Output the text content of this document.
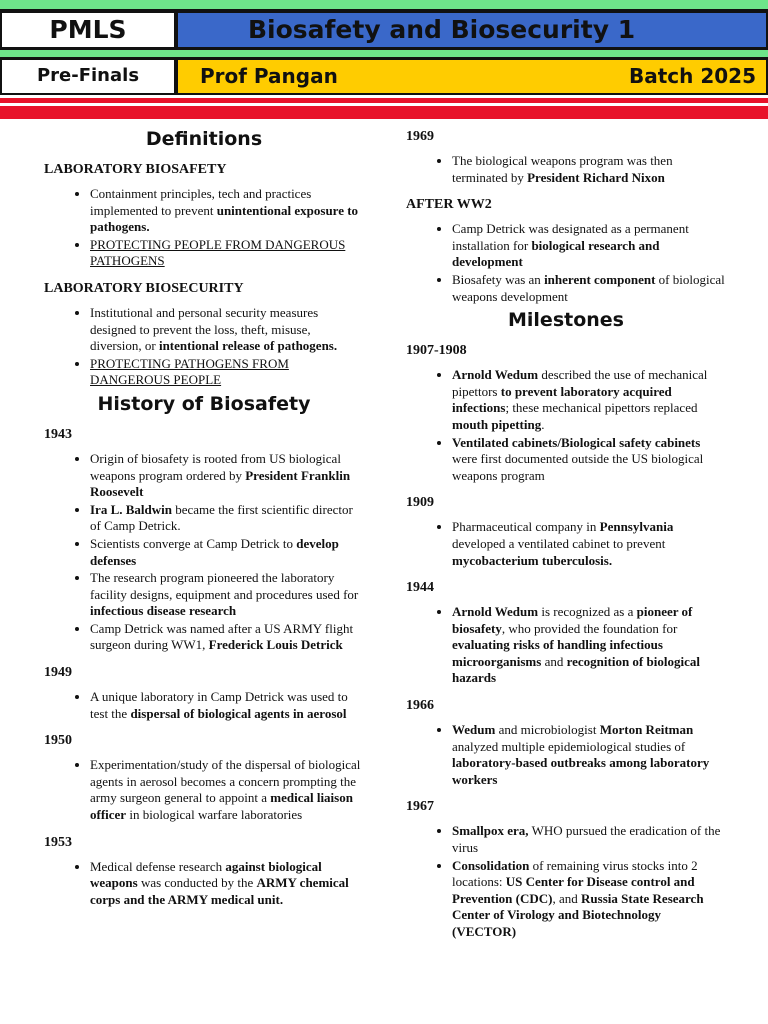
PMLS	Biosafety and Biosecurity 1
Pre-Finals	Prof Pangan	Batch 2025
Definitions
LABORATORY BIOSAFETY
• Containment principles, tech and practices implemented to prevent unintentional exposure to pathogens.
• PROTECTING PEOPLE FROM DANGEROUS PATHOGENS
LABORATORY BIOSECURITY
• Institutional and personal security measures designed to prevent the loss, theft, misuse, diversion, or intentional release of pathogens.
• PROTECTING PATHOGENS FROM DANGEROUS PEOPLE
History of Biosafety
1943
• Origin of biosafety is rooted from US biological weapons program ordered by President Franklin Roosevelt
• Ira L. Baldwin became the first scientific director of Camp Detrick.
• Scientists converge at Camp Detrick to develop defenses
• The research program pioneered the laboratory facility designs, equipment and procedures used for infectious disease research
• Camp Detrick was named after a US ARMY flight surgeon during WW1, Frederick Louis Detrick
1949
• A unique laboratory in Camp Detrick was used to test the dispersal of biological agents in aerosol
1950
• Experimentation/study of the dispersal of biological agents in aerosol becomes a concern prompting the army surgeon general to appoint a medical liaison officer in biological warfare laboratories
1953
• Medical defense research against biological weapons was conducted by the ARMY chemical corps and the ARMY medical unit.
1969
• The biological weapons program was then terminated by President Richard Nixon
AFTER WW2
• Camp Detrick was designated as a permanent installation for biological research and development
• Biosafety was an inherent component of biological weapons development
Milestones
1907-1908
• Arnold Wedum described the use of mechanical pipettors to prevent laboratory acquired infections; these mechanical pipettors replaced mouth pipetting.
• Ventilated cabinets/Biological safety cabinets were first documented outside the US biological weapons program
1909
• Pharmaceutical company in Pennsylvania developed a ventilated cabinet to prevent mycobacterium tuberculosis.
1944
• Arnold Wedum is recognized as a pioneer of biosafety, who provided the foundation for evaluating risks of handling infectious microorganisms and recognition of biological hazards
1966
• Wedum and microbiologist Morton Reitman analyzed multiple epidemiological studies of laboratory-based outbreaks among laboratory workers
1967
• Smallpox era, WHO pursued the eradication of the virus
• Consolidation of remaining virus stocks into 2 locations: US Center for Disease control and Prevention (CDC), and Russia State Research Center of Virology and Biotechnology (VECTOR)
